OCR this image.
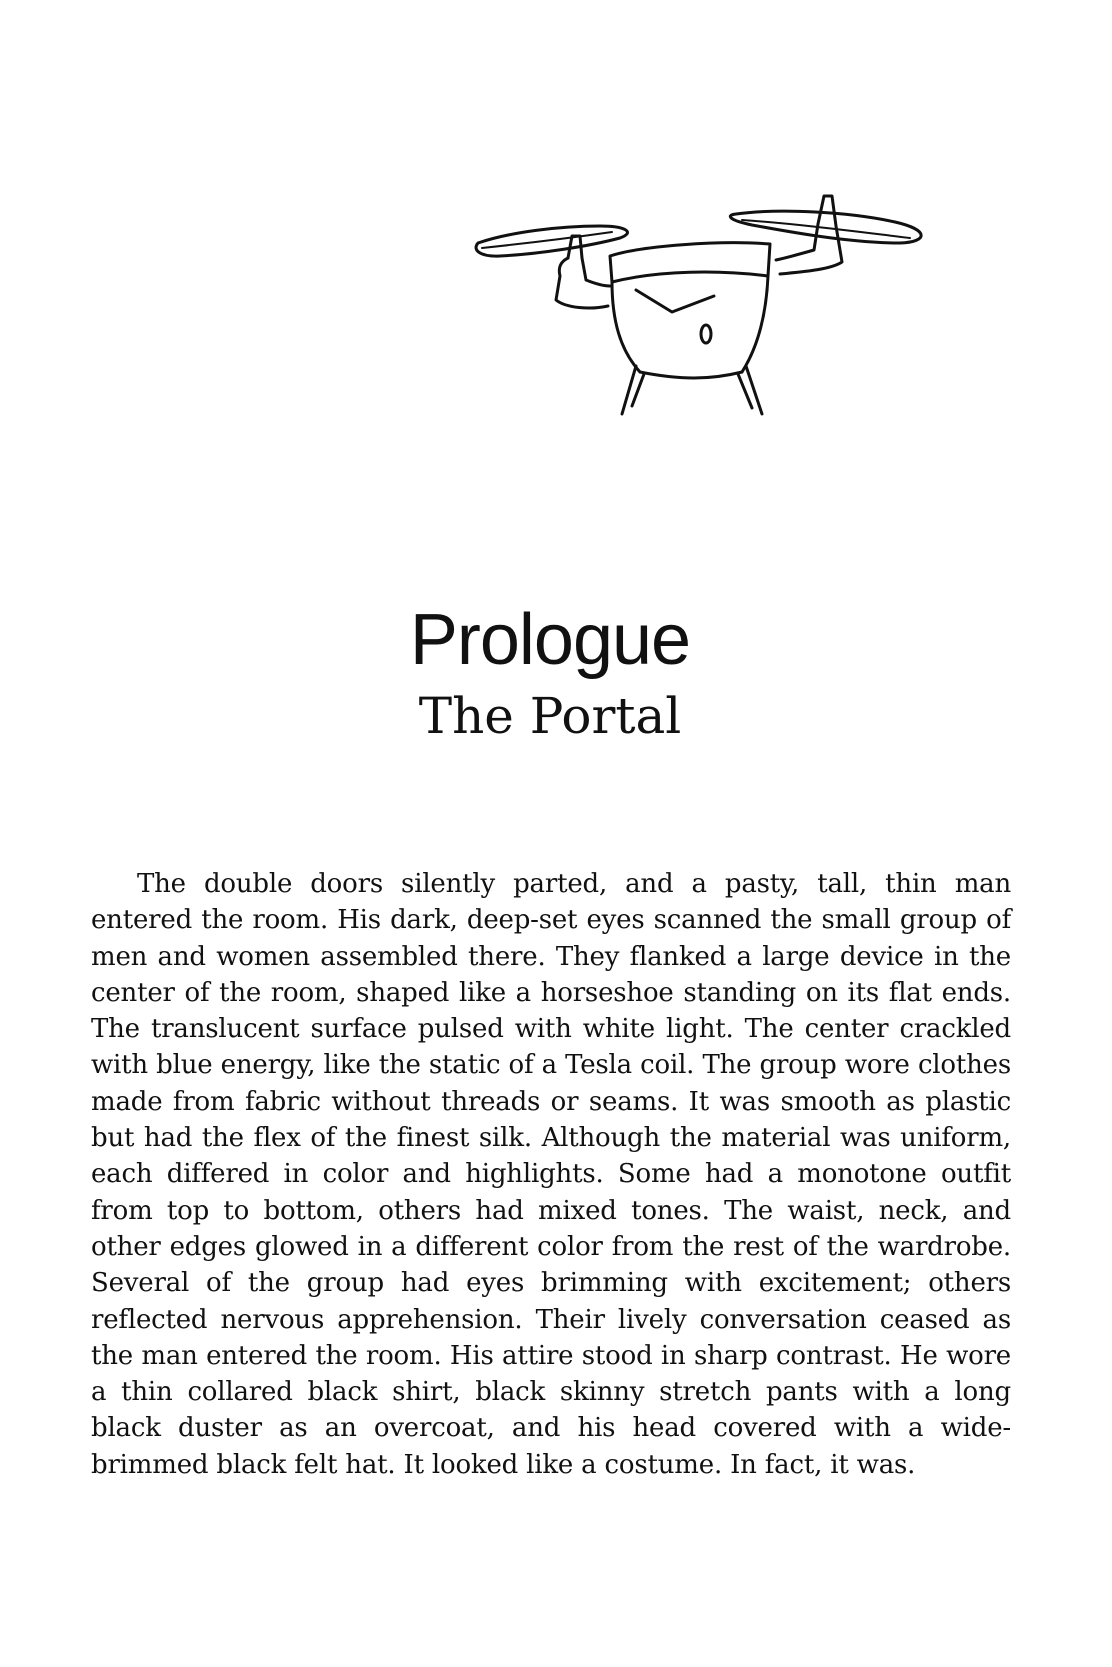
Prologue
The Portal

The double doors silently parted, and a pasty, tall, thin man entered the room. His dark, deep-set eyes scanned the small group of men and women assembled there. They flanked a large device in the center of the room, shaped like a horseshoe standing on its flat ends. The translucent surface pulsed with white light. The center crackled with blue energy, like the static of a Tesla coil. The group wore clothes made from fabric without threads or seams. It was smooth as plastic but had the flex of the finest silk. Although the material was uniform, each differed in color and highlights. Some had a monotone outfit from top to bottom, others had mixed tones. The waist, neck, and other edges glowed in a different color from the rest of the wardrobe. Several of the group had eyes brimming with excitement; others reflected nervous apprehension. Their lively conversation ceased as the man entered the room. His attire stood in sharp contrast. He wore a thin collared black shirt, black skinny stretch pants with a long black duster as an overcoat, and his head covered with a wide-brimmed black felt hat. It looked like a costume. In fact, it was.
